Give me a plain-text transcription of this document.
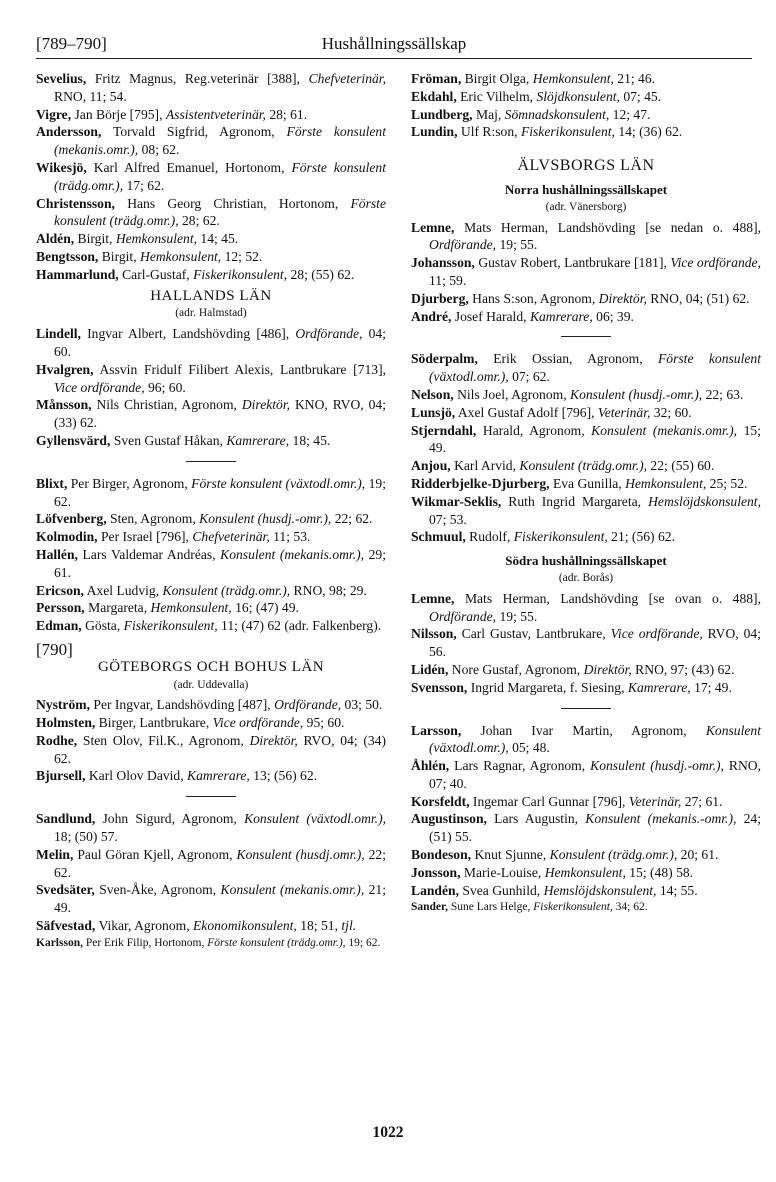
[789–790]	Hushållningssällskap

Sevelius, Fritz Magnus, Reg.veterinär [388], Chefveterinär, RNO, 11; 54.

Vigre, Jan Börje [795], Assistentveterinär, 28; 61.

Andersson, Torvald Sigfrid, Agronom, Förste konsulent (mekanis.omr.), 08; 62.

Wikesjö, Karl Alfred Emanuel, Hortonom, Förste konsulent (trädg.omr.), 17; 62.

Christensson, Hans Georg Christian, Hortonom, Förste konsulent (trädg.omr.), 28; 62.

Aldén, Birgit, Hemkonsulent, 14; 45.

Bengtsson, Birgit, Hemkonsulent, 12; 52.

Hammarlund, Carl-Gustaf, Fiskerikonsulent, 28; (55) 62.

HALLANDS LÄN
(adr. Halmstad)

Lindell, Ingvar Albert, Landshövding [486], Ordförande, 04; 60.

Hvalgren, Assvin Fridulf Filibert Alexis, Lantbrukare [713], Vice ordförande, 96; 60.

Månsson, Nils Christian, Agronom, Direktör, KNO, RVO, 04; (33) 62.

Gyllensvärd, Sven Gustaf Håkan, Kamrerare, 18; 45.

Blixt, Per Birger, Agronom, Förste konsulent (växtodl.omr.), 19; 62.

Löfvenberg, Sten, Agronom, Konsulent (husdj.-omr.), 22; 62.

Kolmodin, Per Israel [796], Chefveterinär, 11; 53.

Hallén, Lars Valdemar Andréas, Konsulent (mekanis.omr.), 29; 61.

Ericson, Axel Ludvig, Konsulent (trädg.omr.), RNO, 98; 29.

Persson, Margareta, Hemkonsulent, 16; (47) 49.

Edman, Gösta, Fiskerikonsulent, 11; (47) 62 (adr. Falkenberg).

[790]
GÖTEBORGS OCH BOHUS LÄN
(adr. Uddevalla)

Nyström, Per Ingvar, Landshövding [487], Ordförande, 03; 50.

Holmsten, Birger, Lantbrukare, Vice ordförande, 95; 60.

Rodhe, Sten Olov, Fil.K., Agronom, Direktör, RVO, 04; (34) 62.

Bjursell, Karl Olov David, Kamrerare, 13; (56) 62.

Sandlund, John Sigurd, Agronom, Konsulent (växtodl.omr.), 18; (50) 57.

Melin, Paul Göran Kjell, Agronom, Konsulent (husdj.omr.), 22; 62.

Svedsäter, Sven-Åke, Agronom, Konsulent (mekanis.omr.), 21; 49.

Säfvestad, Vikar, Agronom, Ekonomikonsulent, 18; 51, tjl.

Karlsson, Per Erik Filip, Hortonom, Förste konsulent (trädg.omr.), 19; 62.

Fröman, Birgit Olga, Hemkonsulent, 21; 46.

Ekdahl, Eric Vilhelm, Slöjdkonsulent, 07; 45.

Lundberg, Maj, Sömnadskonsulent, 12; 47.

Lundin, Ulf R:son, Fiskerikonsulent, 14; (36) 62.

ÄLVSBORGS LÄN
Norra hushållningssällskapet
(adr. Vänersborg)

Lemne, Mats Herman, Landshövding [se nedan o. 488], Ordförande, 19; 55.

Johansson, Gustav Robert, Lantbrukare [181], Vice ordförande, 11; 59.

Djurberg, Hans S:son, Agronom, Direktör, RNO, 04; (51) 62.

André, Josef Harald, Kamrerare, 06; 39.

Söderpalm, Erik Ossian, Agronom, Förste konsulent (växtodl.omr.), 07; 62.

Nelson, Nils Joel, Agronom, Konsulent (husdj.-omr.), 22; 63.

Lunsjö, Axel Gustaf Adolf [796], Veterinär, 32; 60.

Stjerndahl, Harald, Agronom, Konsulent (mekanis.omr.), 15; 49.

Anjou, Karl Arvid, Konsulent (trädg.omr.), 22; (55) 60.

Ridderbjelke-Djurberg, Eva Gunilla, Hemkonsulent, 25; 52.

Wikmar-Seklis, Ruth Ingrid Margareta, Hemslöjdskonsulent, 07; 53.

Schmuul, Rudolf, Fiskerikonsulent, 21; (56) 62.

Södra hushållningssällskapet
(adr. Borås)

Lemne, Mats Herman, Landshövding [se ovan o. 488], Ordförande, 19; 55.

Nilsson, Carl Gustav, Lantbrukare, Vice ordförande, RVO, 04; 56.

Lidén, Nore Gustaf, Agronom, Direktör, RNO, 97; (43) 62.

Svensson, Ingrid Margareta, f. Siesing, Kamrerare, 17; 49.

Larsson, Johan Ivar Martin, Agronom, Konsulent (växtodl.omr.), 05; 48.

Åhlén, Lars Ragnar, Agronom, Konsulent (husdj.-omr.), RNO, 07; 40.

Korsfeldt, Ingemar Carl Gunnar [796], Veterinär, 27; 61.

Augustinson, Lars Augustin, Konsulent (mekanis.-omr.), 24; (51) 55.

Bondeson, Knut Sjunne, Konsulent (trädg.omr.), 20; 61.

Jonsson, Marie-Louise, Hemkonsulent, 15; (48) 58.

Landén, Svea Gunhild, Hemslöjdskonsulent, 14; 55.

Sander, Sune Lars Helge, Fiskerikonsulent, 34; 62.

1022
